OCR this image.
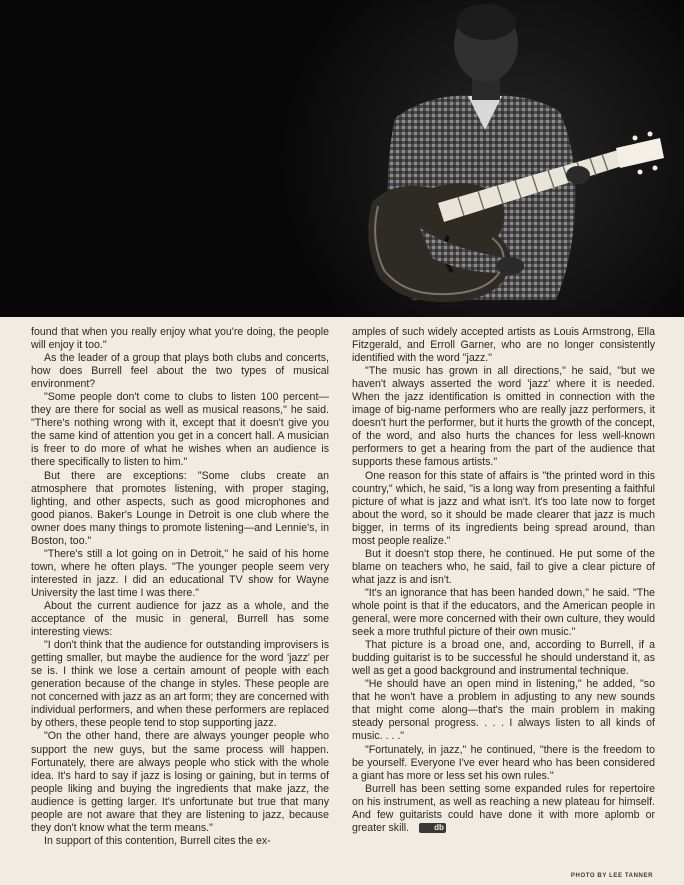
found that when you really enjoy what you're doing, the people will enjoy it too."

As the leader of a group that plays both clubs and concerts, how does Burrell feel about the two types of musical environment?

"Some people don't come to clubs to listen 100 percent—they are there for social as well as musical reasons," he said. "There's nothing wrong with it, except that it doesn't give you the same kind of attention you get in a concert hall. A musician is freer to do more of what he wishes when an audience is there specifically to listen to him."

But there are exceptions: "Some clubs create an atmosphere that promotes listening, with proper staging, lighting, and other aspects, such as good microphones and good pianos. Baker's Lounge in Detroit is one club where the owner does many things to promote listening—and Lennie's, in Boston, too."

"There's still a lot going on in Detroit," he said of his home town, where he often plays. "The younger people seem very interested in jazz. I did an educational TV show for Wayne University the last time I was there."

About the current audience for jazz as a whole, and the acceptance of the music in general, Burrell has some interesting views:

"I don't think that the audience for outstanding improvisers is getting smaller, but maybe the audience for the word 'jazz' per se is. I think we lose a certain amount of people with each generation because of the change in styles. These people are not concerned with jazz as an art form; they are concerned with individual performers, and when these performers are replaced by others, these people tend to stop supporting jazz.

"On the other hand, there are always younger people who support the new guys, but the same process will happen. Fortunately, there are always people who stick with the whole idea. It's hard to say if jazz is losing or gaining, but in terms of people liking and buying the ingredients that make jazz, the audience is getting larger. It's unfortunate but true that many people are not aware that they are listening to jazz, because they don't know what the term means."

In support of this contention, Burrell cites the ex-

amples of such widely accepted artists as Louis Armstrong, Ella Fitzgerald, and Erroll Garner, who are no longer consistently identified with the word "jazz."

"The music has grown in all directions," he said, "but we haven't always asserted the word 'jazz' where it is needed. When the jazz identification is omitted in connection with the image of big-name performers who are really jazz performers, it doesn't hurt the performer, but it hurts the growth of the concept, of the word, and also hurts the chances for less well-known performers to get a hearing from the part of the audience that supports these famous artists."

One reason for this state of affairs is "the printed word in this country," which, he said, "is a long way from presenting a faithful picture of what is jazz and what isn't. It's too late now to forget about the word, so it should be made clearer that jazz is much bigger, in terms of its ingredients being spread around, than most people realize."

But it doesn't stop there, he continued. He put some of the blame on teachers who, he said, fail to give a clear picture of what jazz is and isn't.

"It's an ignorance that has been handed down," he said. "The whole point is that if the educators, and the American people in general, were more concerned with their own culture, they would seek a more truthful picture of their own music."

That picture is a broad one, and, according to Burrell, if a budding guitarist is to be successful he should understand it, as well as get a good background and instrumental technique.

"He should have an open mind in listening," he added, "so that he won't have a problem in adjusting to any new sounds that might come along—that's the main problem in making steady personal progress. . . . I always listen to all kinds of music. . . ."

"Fortunately, in jazz," he continued, "there is the freedom to be yourself. Everyone I've ever heard who has been considered a giant has more or less set his own rules."

Burrell has been setting some expanded rules for repertoire on his instrument, as well as reaching a new plateau for himself. And few guitarists could have done it with more aplomb or greater skill.	db

PHOTO BY LEE TANNER
